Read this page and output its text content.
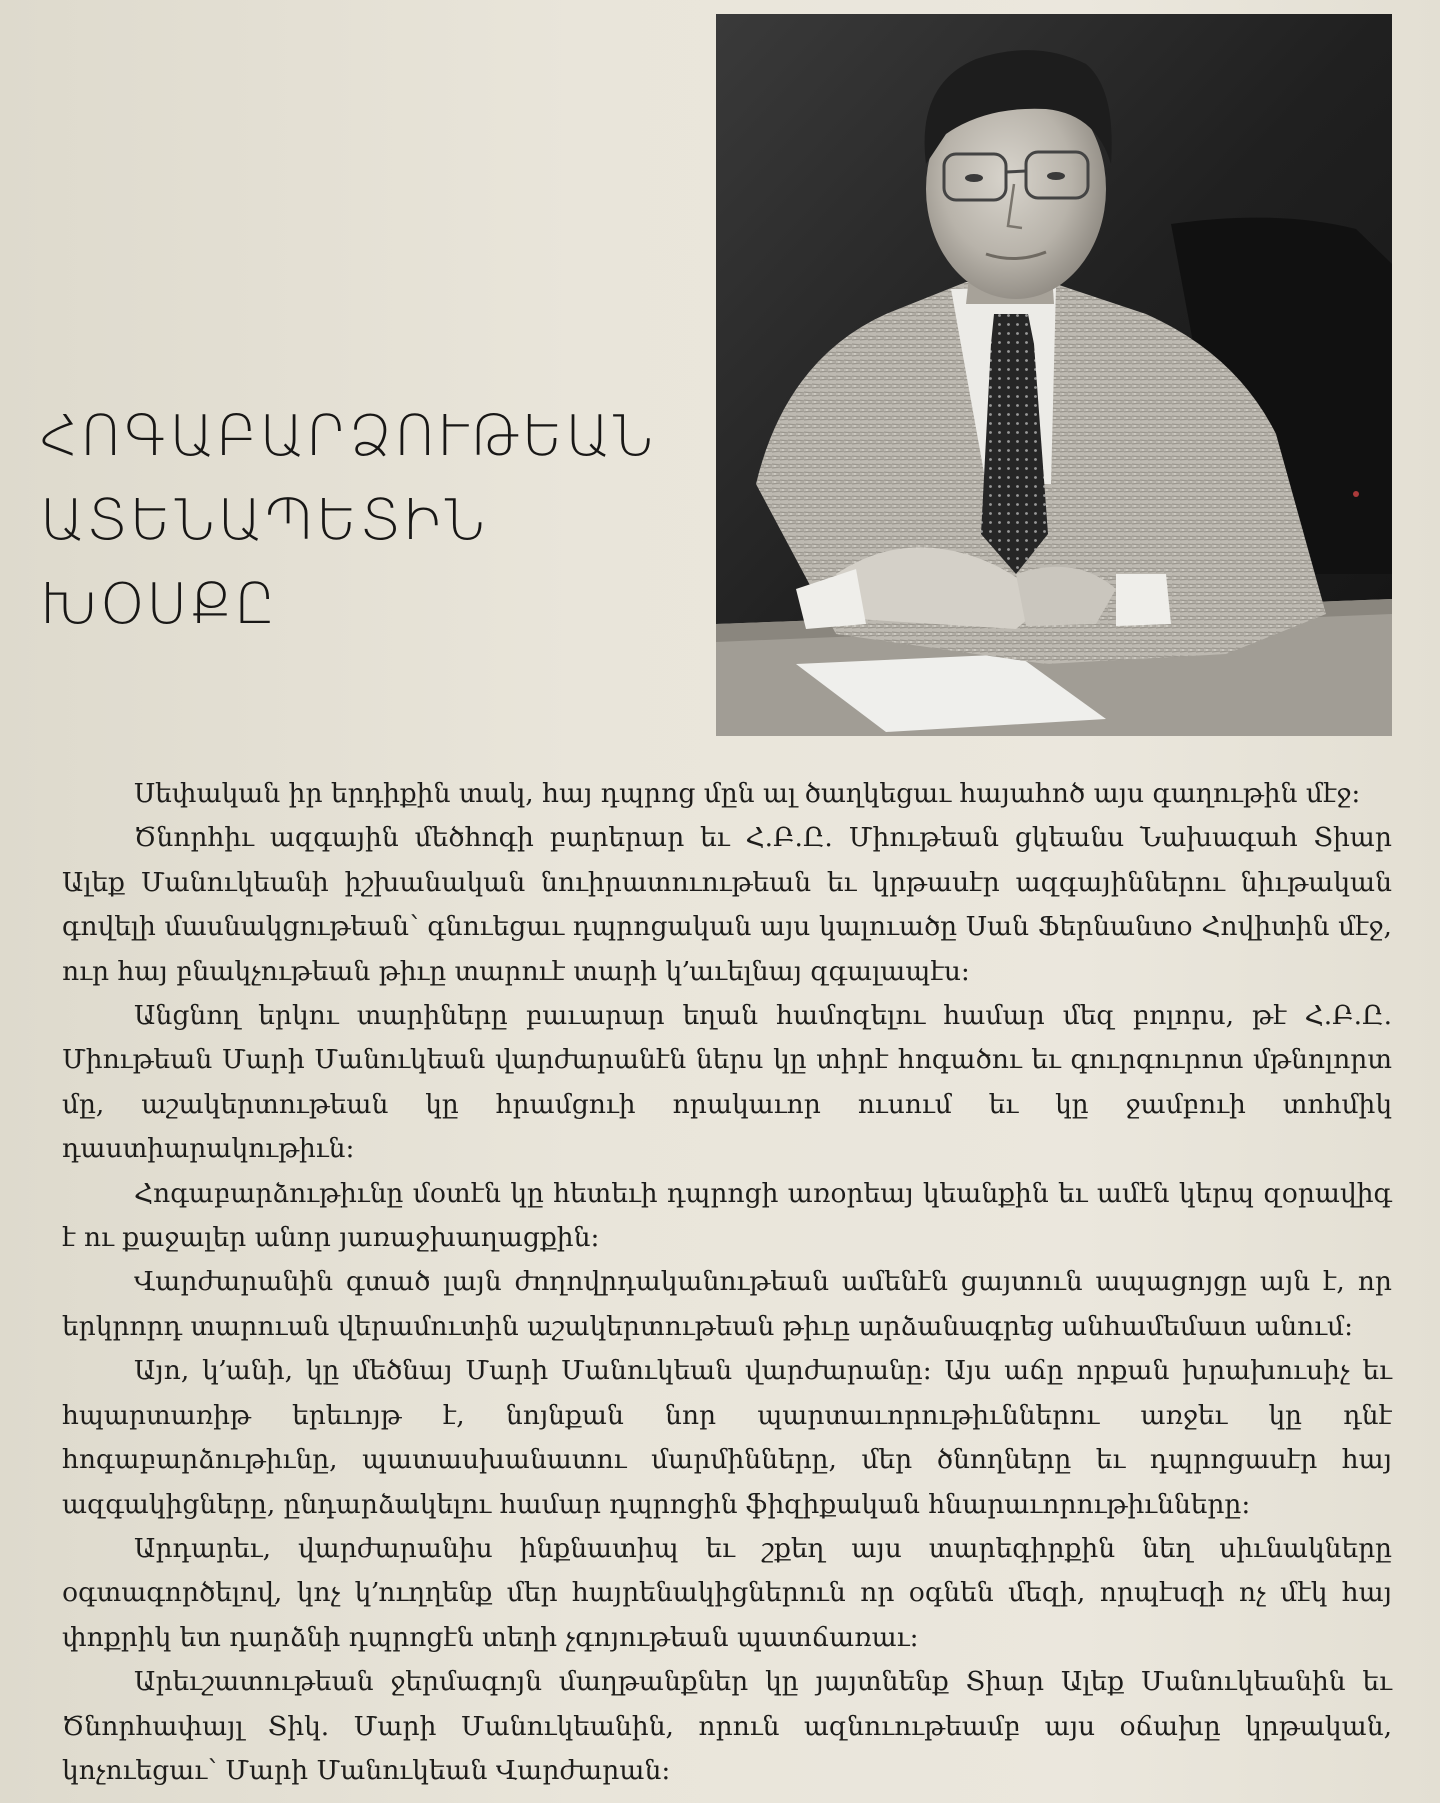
ՀՈԳԱԲԱՐՁՈՒԹԵԱՆ
ԱՏԵՆԱՊԵՏԻՆ
ԽՕՍՔԸ

Սեփական իր երդիքին տակ, հայ դպրոց մըն ալ ծաղկեցաւ հայահոծ այս գաղութին մէջ:

Ծնորհիւ ազգային մեծհոգի բարերար եւ Հ.Բ.Ը. Միութեան ցկեանս Նախագահ Տիար Ալեք Մանուկեանի իշխանական նուիրատուութեան եւ կրթասէր ազգայիններու նիւթական գովելի մասնակցութեան՝ գնուեցաւ դպրոցական այս կալուածը Սան Ֆերնանտօ Հովիտին մէջ, ուր հայ բնակչութեան թիւը տարուէ տարի կ՚աւելնայ զգալապէս:

Անցնող երկու տարիները բաւարար եղան համոզելու համար մեզ բոլորս, թէ Հ.Բ.Ը. Միութեան Մարի Մանուկեան վարժարանէն ներս կը տիրէ հոգածու եւ գուրգուրոտ մթնոլորտ մը, աշակերտութեան կը հրամցուի որակաւոր ուսում եւ կը ջամբուի տոհմիկ դաստիարակութիւն:

Հոգաբարձութիւնը մօտէն կը հետեւի դպրոցի առօրեայ կեանքին եւ ամէն կերպ զօրավիգ է ու քաջալեր անոր յառաջխաղացքին:

Վարժարանին գտած լայն ժողովրդականութեան ամենէն ցայտուն ապացոյցը այն է, որ երկրորդ տարուան վերամուտին աշակերտութեան թիւը արձանագրեց անհամեմատ անում:

Այո, կ՚անի, կը մեծնայ Մարի Մանուկեան վարժարանը: Այս աճը որքան խրախուսիչ եւ հպարտառիթ երեւոյթ է, նոյնքան նոր պարտաւորութիւններու առջեւ կը դնէ հոգաբարձութիւնը, պատասխանատու մարմինները, մեր ծնողները եւ դպրոցասէր հայ ազգակիցները, ընդարձակելու համար դպրոցին ֆիզիքական հնարաւորութիւնները:

Արդարեւ, վարժարանիս ինքնատիպ եւ շքեղ այս տարեգիրքին նեղ սիւնակները օգտագործելով, կոչ կ՚ուղղենք մեր հայրենակիցներուն որ օգնեն մեզի, որպէսզի ոչ մէկ հայ փոքրիկ ետ դարձնի դպրոցէն տեղի չգոյութեան պատճառաւ:

Արեւշատութեան ջերմագոյն մաղթանքներ կը յայտնենք Տիար Ալեք Մանուկեանին եւ Ծնորհափայլ Տիկ. Մարի Մանուկեանին, որուն ազնուութեամբ այս օճախը կրթական, կոչուեցաւ՝ Մարի Մանուկեան Վարժարան:
